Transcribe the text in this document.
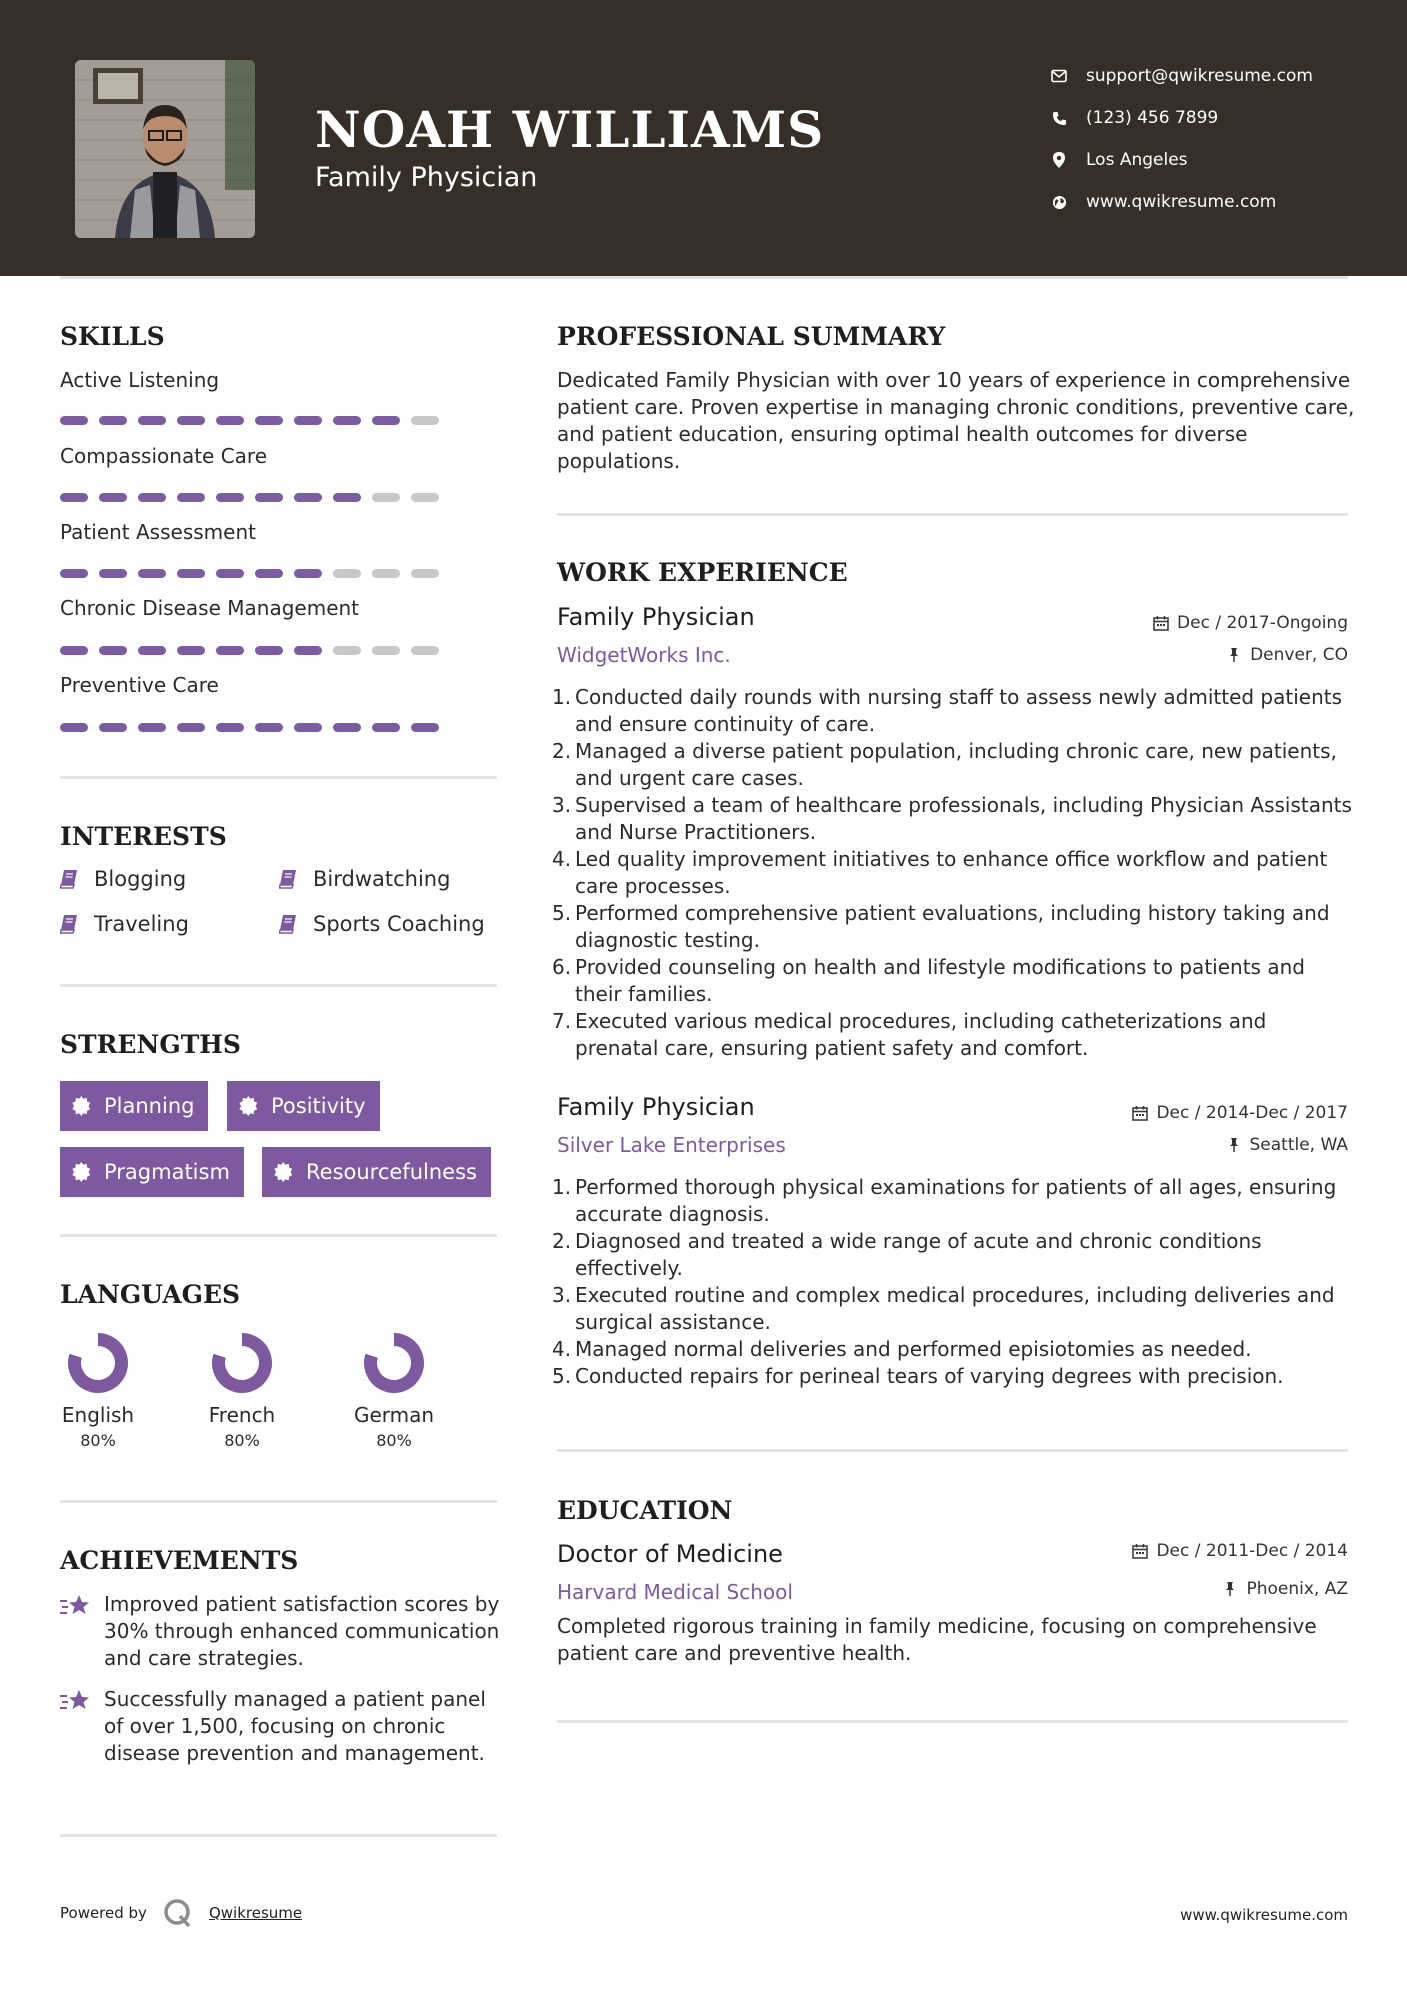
NOAH WILLIAMS
Family Physician
support@qwikresume.com
(123) 456 7899
Los Angeles
www.qwikresume.com
SKILLS
Active Listening
Compassionate Care
Patient Assessment
Chronic Disease Management
Preventive Care
INTERESTS
Blogging	Birdwatching
Traveling	Sports Coaching
STRENGTHS
Planning	Positivity
Pragmatism	Resourcefulness
LANGUAGES
English
80%
French
80%
German
80%
ACHIEVEMENTS
Improved patient satisfaction scores by 30% through enhanced communication and care strategies.
Successfully managed a patient panel of over 1,500, focusing on chronic disease prevention and management.
PROFESSIONAL SUMMARY
Dedicated Family Physician with over 10 years of experience in comprehensive patient care. Proven expertise in managing chronic conditions, preventive care, and patient education, ensuring optimal health outcomes for diverse populations.
WORK EXPERIENCE
Family Physician	Dec / 2017-Ongoing
WidgetWorks Inc.	Denver, CO
1. Conducted daily rounds with nursing staff to assess newly admitted patients and ensure continuity of care.
2. Managed a diverse patient population, including chronic care, new patients, and urgent care cases.
3. Supervised a team of healthcare professionals, including Physician Assistants and Nurse Practitioners.
4. Led quality improvement initiatives to enhance office workflow and patient care processes.
5. Performed comprehensive patient evaluations, including history taking and diagnostic testing.
6. Provided counseling on health and lifestyle modifications to patients and their families.
7. Executed various medical procedures, including catheterizations and prenatal care, ensuring patient safety and comfort.
Family Physician	Dec / 2014-Dec / 2017
Silver Lake Enterprises	Seattle, WA
1. Performed thorough physical examinations for patients of all ages, ensuring accurate diagnosis.
2. Diagnosed and treated a wide range of acute and chronic conditions effectively.
3. Executed routine and complex medical procedures, including deliveries and surgical assistance.
4. Managed normal deliveries and performed episiotomies as needed.
5. Conducted repairs for perineal tears of varying degrees with precision.
EDUCATION
Doctor of Medicine	Dec / 2011-Dec / 2014
Harvard Medical School	Phoenix, AZ
Completed rigorous training in family medicine, focusing on comprehensive patient care and preventive health.
Powered by	Qwikresume	www.qwikresume.com
